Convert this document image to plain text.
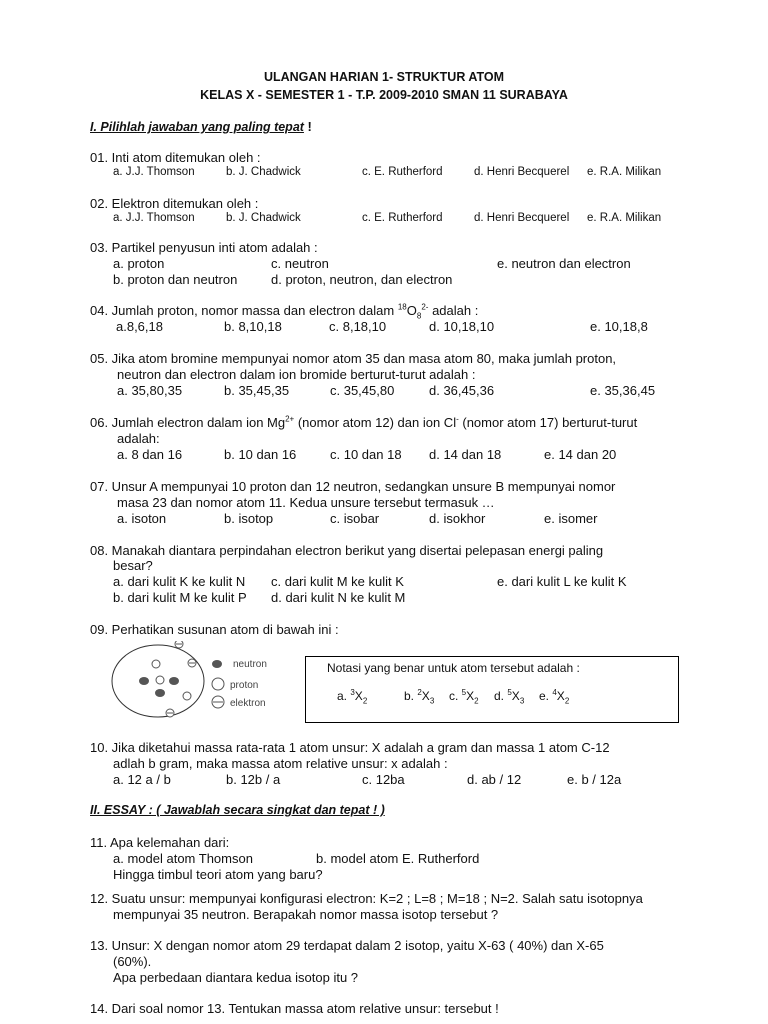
ULANGAN HARIAN 1- STRUKTUR ATOM
KELAS X - SEMESTER 1 - T.P. 2009-2010 SMAN 11 SURABAYA
I. Pilihlah jawaban yang paling tepat !
01. Inti atom ditemukan oleh :
a. J.J. Thomson	b. J. Chadwick	c. E. Rutherford	d. Henri Becquerel e. R.A. Milikan
02. Elektron ditemukan oleh :
a. J.J. Thomson	b. J. Chadwick	c. E. Rutherford	d. Henri Becquerel e. R.A. Milikan
03. Partikel penyusun inti atom adalah :
a. proton	c. neutron	e. neutron dan electron
b. proton dan neutron	d. proton, neutron, dan electron
04. Jumlah proton, nomor massa dan electron dalam $^{18}O_8^{2-}$ adalah :
a.8,6,18	b. 8,10,18	c. 8,18,10	d. 10,18,10	e. 10,18,8
05. Jika atom bromine mempunyai nomor atom 35 dan masa atom 80, maka jumlah proton,
neutron dan electron dalam ion bromide berturut-turut adalah :
a. 35,80,35	b. 35,45,35	c. 35,45,80	d. 36,45,36	e. 35,36,45
06. Jumlah electron dalam ion $Mg^{2+}$ (nomor atom 12) dan ion Cl- (nomor atom 17) berturut-turut
adalah:
a. 8 dan 16	b. 10 dan 16	c. 10 dan 18 d. 14 dan 18	e. 14 dan 20
07. Unsur A mempunyai 10 proton dan 12 neutron, sedangkan unsure B mempunyai nomor
masa 23 dan nomor atom 11. Kedua unsure tersebut termasuk …
a. isoton	b. isotop	c. isobar	d. isokhor	e. isomer
08. Manakah diantara perpindahan electron berikut yang disertai pelepasan energi paling
besar?
a. dari kulit K ke kulit N c. dari kulit M ke kulit K	e. dari kulit L ke kulit K
b. dari kulit M ke kulit P d. dari kulit N ke kulit M
09. Perhatikan susunan atom di bawah ini :
neutron
proton
elektron
Notasi yang benar untuk atom tersebut adalah :
a. $^3X_2$	b. $^2X_3$ c. $^5X_2$ d. $^5X_3$ e. $^4X_2$
10. Jika diketahui massa rata-rata 1 atom unsur: X adalah a gram dan massa 1 atom C-12
adlah b gram, maka massa atom relative unsur: x adalah :
a. 12 a / b	b. 12b / a	c. 12ba	d. ab / 12	e. b / 12a
II. ESSAY : ( Jawablah secara singkat dan tepat ! )
11. Apa kelemahan dari:
a. model atom Thomson	b. model atom E. Rutherford
Hingga timbul teori atom yang baru?
12. Suatu unsur: mempunyai konfigurasi electron: K=2 ; L=8 ; M=18 ; N=2. Salah satu isotopnya
mempunyai 35 neutron. Berapakah nomor massa isotop tersebut ?
13. Unsur: X dengan nomor atom 29 terdapat dalam 2 isotop, yaitu X-63 ( 40%) dan X-65
(60%).
Apa perbedaan diantara kedua isotop itu ?
14. Dari soal nomor 13. Tentukan massa atom relative unsur: tersebut !
